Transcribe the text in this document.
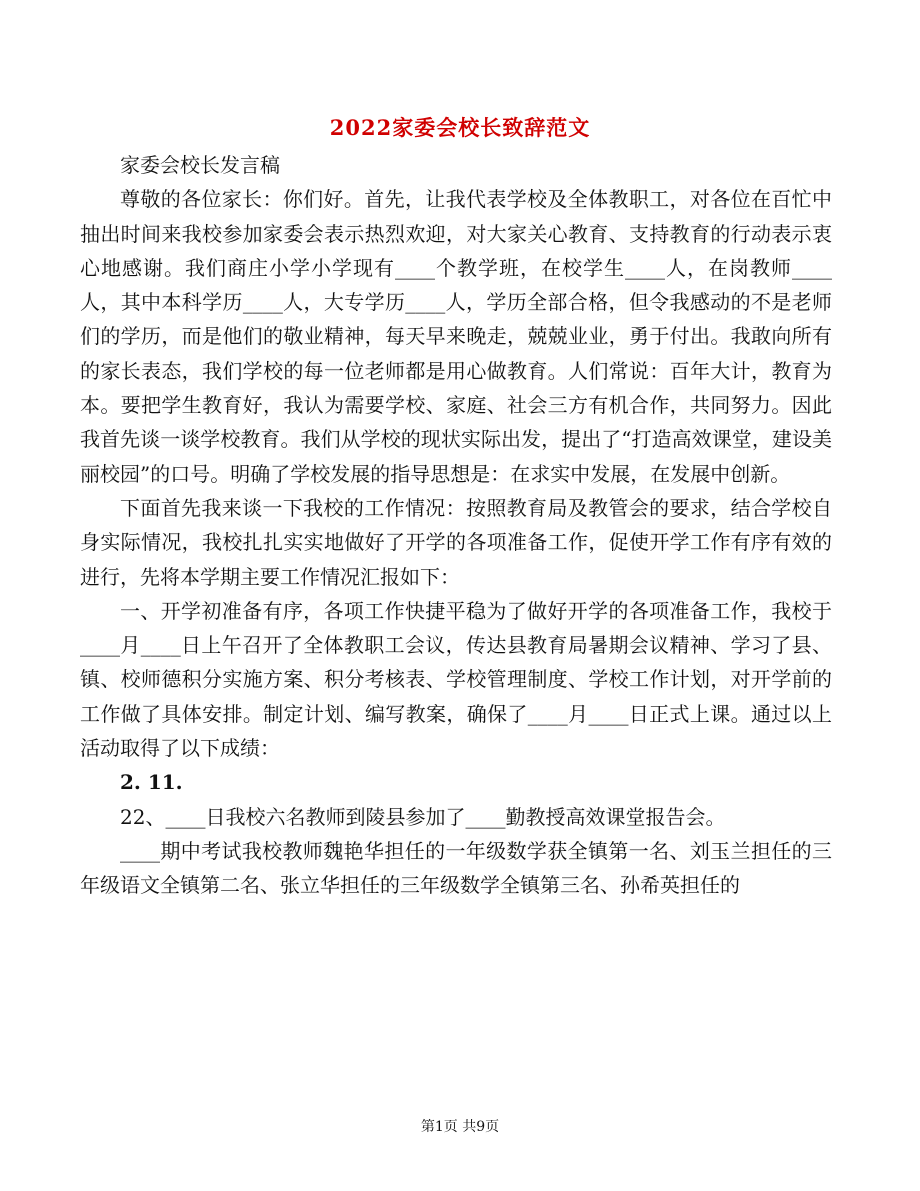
2022家委会校长致辞范文

家委会校长发言稿

尊敬的各位家长：你们好。首先，让我代表学校及全体教职工，对各位在百忙中抽出时间来我校参加家委会表示热烈欢迎，对大家关心教育、支持教育的行动表示衷心地感谢。我们商庄小学小学现有____个教学班，在校学生____人，在岗教师____人，其中本科学历____人，大专学历____人，学历全部合格，但令我感动的不是老师们的学历，而是他们的敬业精神，每天早来晚走，兢兢业业，勇于付出。我敢向所有的家长表态，我们学校的每一位老师都是用心做教育。人们常说：百年大计，教育为本。要把学生教育好，我认为需要学校、家庭、社会三方有机合作，共同努力。因此我首先谈一谈学校教育。我们从学校的现状实际出发，提出了“打造高效课堂，建设美丽校园”的口号。明确了学校发展的指导思想是：在求实中发展，在发展中创新。

下面首先我来谈一下我校的工作情况：按照教育局及教管会的要求，结合学校自身实际情况，我校扎扎实实地做好了开学的各项准备工作，促使开学工作有序有效的进行，先将本学期主要工作情况汇报如下：

一、开学初准备有序，各项工作快捷平稳为了做好开学的各项准备工作，我校于____月____日上午召开了全体教职工会议，传达县教育局暑期会议精神、学习了县、镇、校师德积分实施方案、积分考核表、学校管理制度、学校工作计划，对开学前的工作做了具体安排。制定计划、编写教案，确保了____月____日正式上课。通过以上活动取得了以下成绩：

2. 11.

22、____日我校六名教师到陵县参加了____勤教授高效课堂报告会。

____期中考试我校教师魏艳华担任的一年级数学获全镇第一名、刘玉兰担任的三年级语文全镇第二名、张立华担任的三年级数学全镇第三名、孙希英担任的

第1页 共9页
